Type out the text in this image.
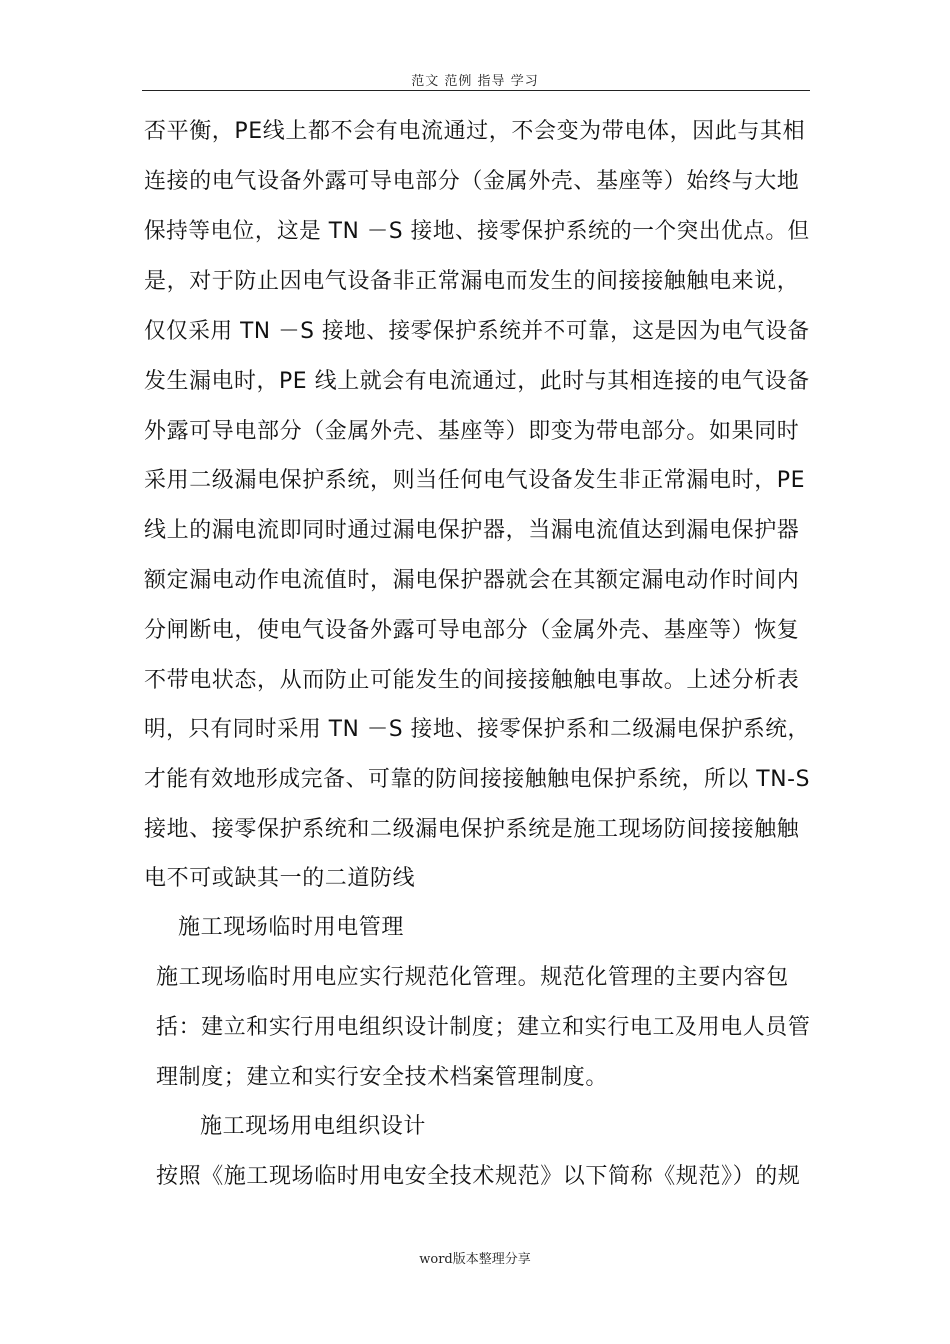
范文 范例 指导 学习
否平衡，PE线上都不会有电流通过，不会变为带电体，因此与其相
连接的电气设备外露可导电部分（金属外壳、基座等）始终与大地
保持等电位，这是 TN －S 接地、接零保护系统的一个突出优点。但
是，对于防止因电气设备非正常漏电而发生的间接接触触电来说，
仅仅采用 TN －S 接地、接零保护系统并不可靠，这是因为电气设备
发生漏电时，PE 线上就会有电流通过，此时与其相连接的电气设备
外露可导电部分（金属外壳、基座等）即变为带电部分。如果同时
采用二级漏电保护系统，则当任何电气设备发生非正常漏电时，PE
线上的漏电流即同时通过漏电保护器，当漏电流值达到漏电保护器
额定漏电动作电流值时，漏电保护器就会在其额定漏电动作时间内
分闸断电，使电气设备外露可导电部分（金属外壳、基座等）恢复
不带电状态，从而防止可能发生的间接接触触电事故。上述分析表
明，只有同时采用 TN －S 接地、接零保护系和二级漏电保护系统，
才能有效地形成完备、可靠的防间接接触触电保护系统，所以 TN-S
接地、接零保护系统和二级漏电保护系统是施工现场防间接接触触
电不可或缺其一的二道防线
施工现场临时用电管理
施工现场临时用电应实行规范化管理。规范化管理的主要内容包
括：建立和实行用电组织设计制度；建立和实行电工及用电人员管
理制度；建立和实行安全技术档案管理制度。
施工现场用电组织设计
按照《施工现场临时用电安全技术规范》以下简称《规范》）的规
word版本整理分享
